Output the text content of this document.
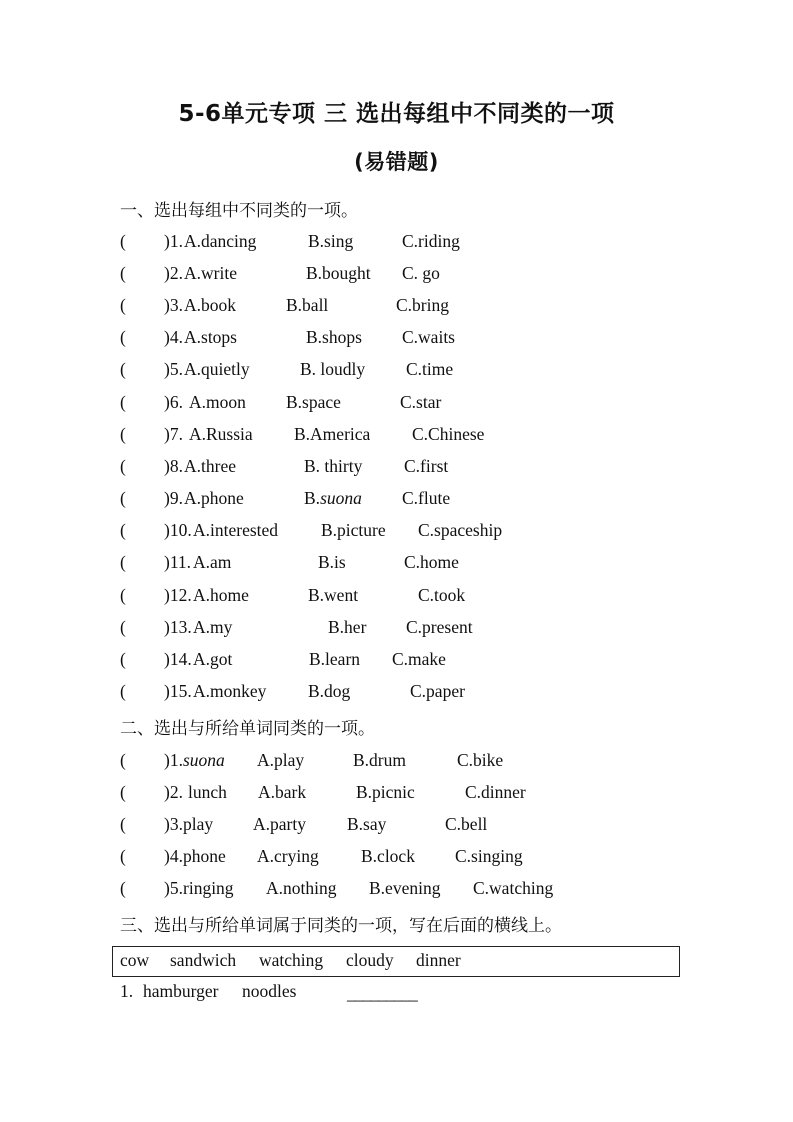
5-6单元专项 三 选出每组中不同类的一项
(易错题)
一、选出每组中不同类的一项。
( )1. A.dancing	B.sing	C.riding
( )2. A.write	B.bought C. go
( )3. A.book	B.ball	C.bring
( )4. A.stops	B.shops C.waits
( )5. A.quietly	B. loudly C.time
( )6. A.moon B.space	C.star
( )7. A.Russia B.America C.Chinese
( )8. A.three	B. thirty C.first
( )9. A.phone	B.suona C.flute
( )10. A.interested B.picture C.spaceship
( )11. A.am	B.is	C.home
( )12. A.home	B.went	C.took
( )13. A.my	B.her C.present
( )14. A.got	B.learn C.make
( )15. A.monkey B.dog	C.paper
二、选出与所给单词同类的一项。
( )1. suona A.play	B.drum	C.bike
( )2. lunch A.bark	B.picnic	C.dinner
( )3. play A.party B.say	C.bell
( )4. phone A.crying B.clock C.singing
( )5. ringing A.nothing B.evening C.watching
三、选出与所给单词属于同类的一项，写在后面的横线上。
cow sandwich watching cloudy dinner
1. hamburger noodles	_________
